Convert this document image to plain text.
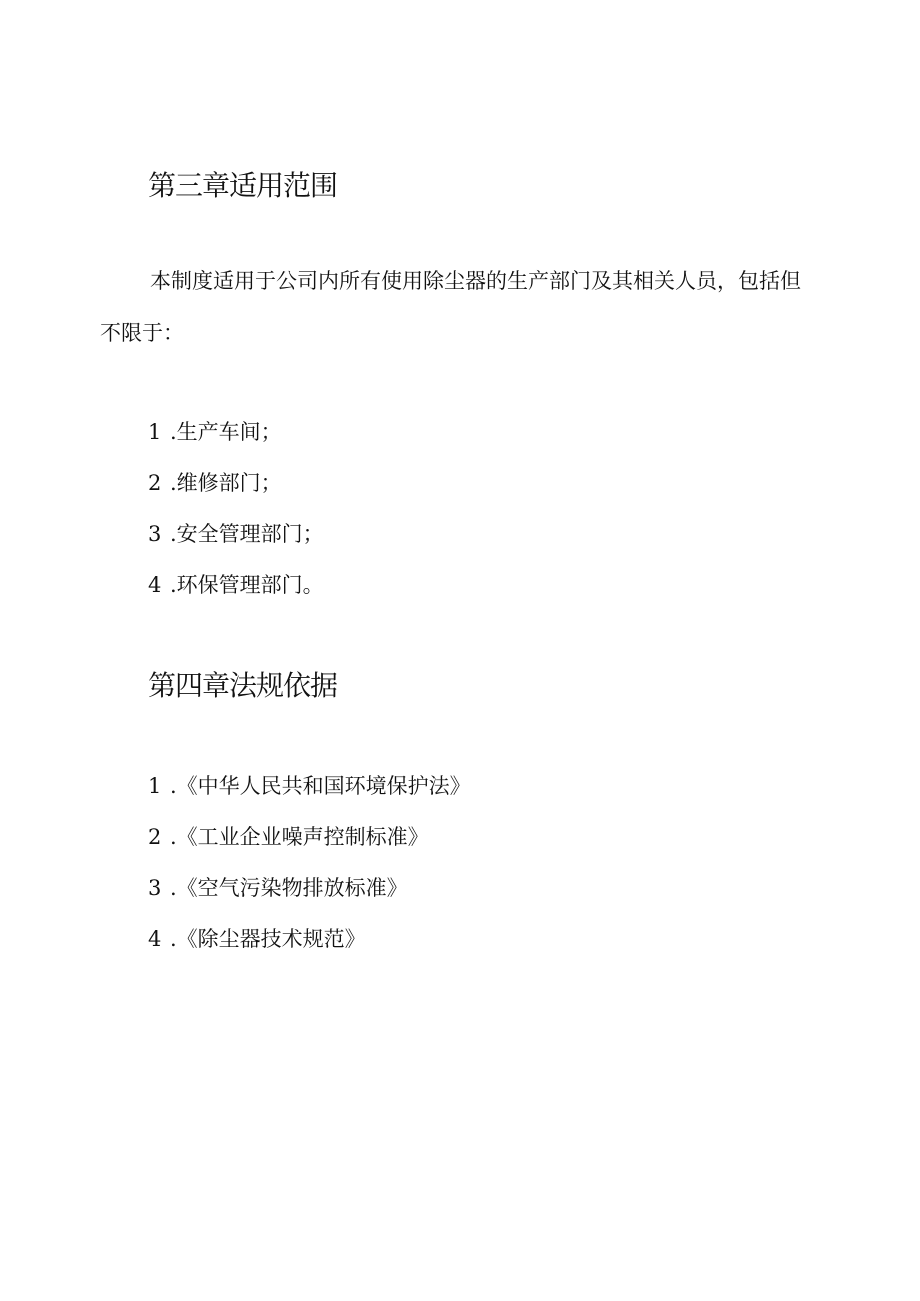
第三章适用范围

本制度适用于公司内所有使用除尘器的生产部门及其相关人员，包括但不限于：

1 .生产车间；
2 .维修部门；
3 .安全管理部门；
4 .环保管理部门。
第四章法规依据
1 .《中华人民共和国环境保护法》
2 .《工业企业噪声控制标准》
3 .《空气污染物排放标准》
4 .《除尘器技术规范》
